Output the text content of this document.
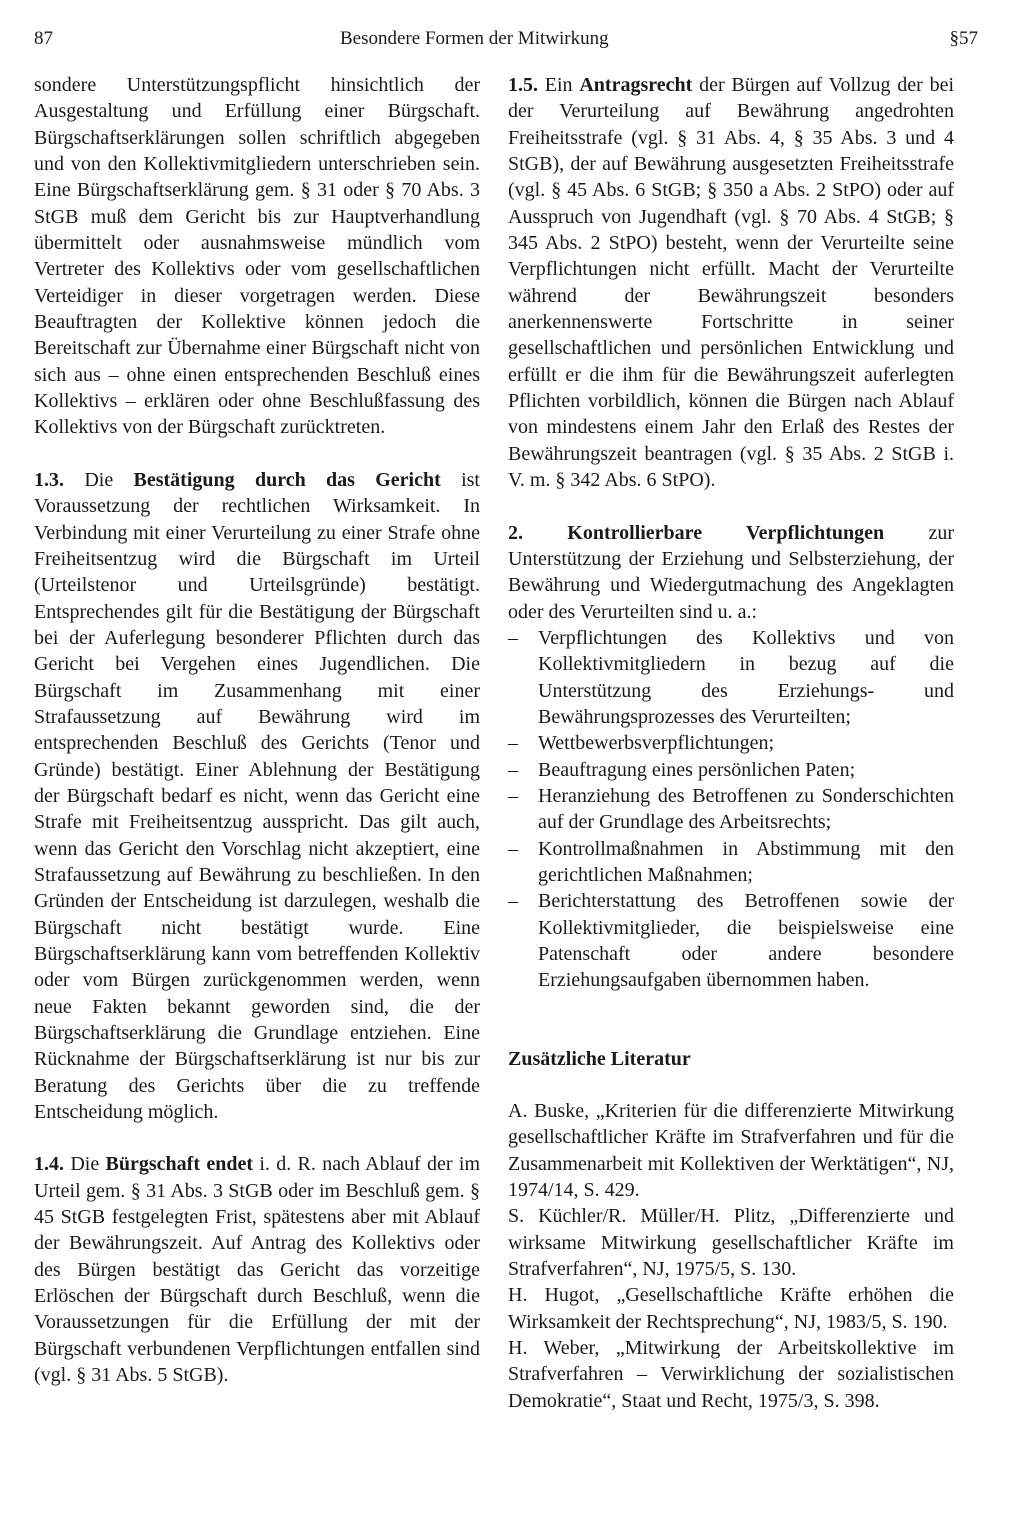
87	Besondere Formen der Mitwirkung	§57

sondere Unterstützungspflicht hinsichtlich der Ausgestaltung und Erfüllung einer Bürgschaft. Bürgschaftserklärungen sollen schriftlich abgegeben und von den Kollektivmitgliedern unterschrieben sein. Eine Bürgschaftserklärung gem. § 31 oder § 70 Abs. 3 StGB muß dem Gericht bis zur Hauptverhandlung übermittelt oder ausnahmsweise mündlich vom Vertreter des Kollektivs oder vom gesellschaftlichen Verteidiger in dieser vorgetragen werden. Diese Beauftragten der Kollektive können jedoch die Bereitschaft zur Übernahme einer Bürgschaft nicht von sich aus – ohne einen entsprechenden Beschluß eines Kollektivs – erklären oder ohne Beschlußfassung des Kollektivs von der Bürgschaft zurücktreten.

1.3. Die Bestätigung durch das Gericht ist Voraussetzung der rechtlichen Wirksamkeit. In Verbindung mit einer Verurteilung zu einer Strafe ohne Freiheitsentzug wird die Bürgschaft im Urteil (Urteilstenor und Urteilsgründe) bestätigt. Entsprechendes gilt für die Bestätigung der Bürgschaft bei der Auferlegung besonderer Pflichten durch das Gericht bei Vergehen eines Jugendlichen. Die Bürgschaft im Zusammenhang mit einer Strafaussetzung auf Bewährung wird im entsprechenden Beschluß des Gerichts (Tenor und Gründe) bestätigt. Einer Ablehnung der Bestätigung der Bürgschaft bedarf es nicht, wenn das Gericht eine Strafe mit Freiheitsentzug ausspricht. Das gilt auch, wenn das Gericht den Vorschlag nicht akzeptiert, eine Strafaussetzung auf Bewährung zu beschließen. In den Gründen der Entscheidung ist darzulegen, weshalb die Bürgschaft nicht bestätigt wurde. Eine Bürgschaftserklärung kann vom betreffenden Kollektiv oder vom Bürgen zurückgenommen werden, wenn neue Fakten bekannt geworden sind, die der Bürgschaftserklärung die Grundlage entziehen. Eine Rücknahme der Bürgschaftserklärung ist nur bis zur Beratung des Gerichts über die zu treffende Entscheidung möglich.

1.4. Die Bürgschaft endet i. d. R. nach Ablauf der im Urteil gem. § 31 Abs. 3 StGB oder im Beschluß gem. § 45 StGB festgelegten Frist, spätestens aber mit Ablauf der Bewährungszeit. Auf Antrag des Kollektivs oder des Bürgen bestätigt das Gericht das vorzeitige Erlöschen der Bürgschaft durch Beschluß, wenn die Voraussetzungen für die Erfüllung der mit der Bürgschaft verbundenen Verpflichtungen entfallen sind (vgl. § 31 Abs. 5 StGB).

1.5. Ein Antragsrecht der Bürgen auf Vollzug der bei der Verurteilung auf Bewährung angedrohten Freiheitsstrafe (vgl. § 31 Abs. 4, § 35 Abs. 3 und 4 StGB), der auf Bewährung ausgesetzten Freiheitsstrafe (vgl. § 45 Abs. 6 StGB; § 350 a Abs. 2 StPO) oder auf Ausspruch von Jugendhaft (vgl. § 70 Abs. 4 StGB; § 345 Abs. 2 StPO) besteht, wenn der Verurteilte seine Verpflichtungen nicht erfüllt. Macht der Verurteilte während der Bewährungszeit besonders anerkennenswerte Fortschritte in seiner gesellschaftlichen und persönlichen Entwicklung und erfüllt er die ihm für die Bewährungszeit auferlegten Pflichten vorbildlich, können die Bürgen nach Ablauf von mindestens einem Jahr den Erlaß des Restes der Bewährungszeit beantragen (vgl. § 35 Abs. 2 StGB i. V. m. § 342 Abs. 6 StPO).

2. Kontrollierbare Verpflichtungen zur Unterstützung der Erziehung und Selbsterziehung, der Bewährung und Wiedergutmachung des Angeklagten oder des Verurteilten sind u. a.:

– Verpflichtungen des Kollektivs und von Kollektivmitgliedern in bezug auf die Unterstützung des Erziehungs- und Bewährungsprozesses des Verurteilten;
– Wettbewerbsverpflichtungen;
– Beauftragung eines persönlichen Paten;
– Heranziehung des Betroffenen zu Sonderschichten auf der Grundlage des Arbeitsrechts;
– Kontrollmaßnahmen in Abstimmung mit den gerichtlichen Maßnahmen;
– Berichterstattung des Betroffenen sowie der Kollektivmitglieder, die beispielsweise eine Patenschaft oder andere besondere Erziehungsaufgaben übernommen haben.

Zusätzliche Literatur

A. Buske, „Kriterien für die differenzierte Mitwirkung gesellschaftlicher Kräfte im Strafverfahren und für die Zusammenarbeit mit Kollektiven der Werktätigen“, NJ, 1974/14, S. 429.

S. Küchler/R. Müller/H. Plitz, „Differenzierte und wirksame Mitwirkung gesellschaftlicher Kräfte im Strafverfahren“, NJ, 1975/5, S. 130.

H. Hugot, „Gesellschaftliche Kräfte erhöhen die Wirksamkeit der Rechtsprechung“, NJ, 1983/5, S. 190.

H. Weber, „Mitwirkung der Arbeitskollektive im Strafverfahren – Verwirklichung der sozialistischen Demokratie“, Staat und Recht, 1975/3, S. 398.
